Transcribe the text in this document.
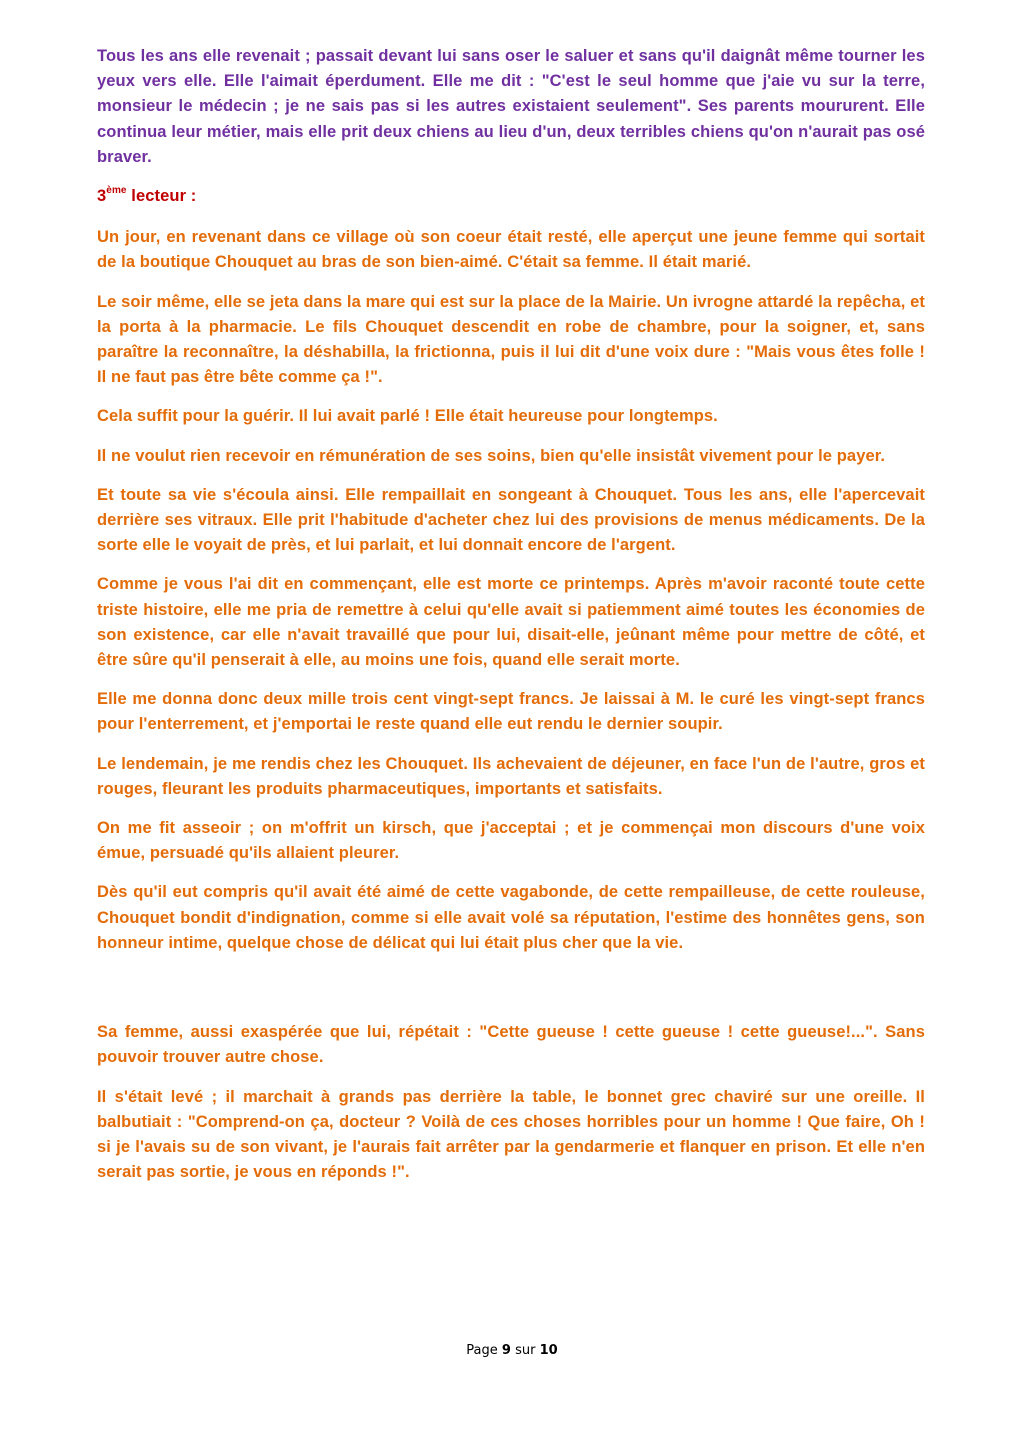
Tous les ans elle revenait ; passait devant lui sans oser le saluer et sans qu'il daignât même tourner les yeux vers elle. Elle l'aimait éperdument. Elle me dit : "C'est le seul homme que j'aie vu sur la terre, monsieur le médecin ; je ne sais pas si les autres existaient seulement". Ses parents moururent. Elle continua leur métier, mais elle prit deux chiens au lieu d'un, deux terribles chiens qu'on n'aurait pas osé braver.

3ème lecteur :

Un jour, en revenant dans ce village où son coeur était resté, elle aperçut une jeune femme qui sortait de la boutique Chouquet au bras de son bien-aimé. C'était sa femme. Il était marié.

Le soir même, elle se jeta dans la mare qui est sur la place de la Mairie. Un ivrogne attardé la repêcha, et la porta à la pharmacie. Le fils Chouquet descendit en robe de chambre, pour la soigner, et, sans paraître la reconnaître, la déshabilla, la frictionna, puis il lui dit d'une voix dure : "Mais vous êtes folle ! Il ne faut pas être bête comme ça !".

Cela suffit pour la guérir. Il lui avait parlé ! Elle était heureuse pour longtemps.

Il ne voulut rien recevoir en rémunération de ses soins, bien qu'elle insistât vivement pour le payer.

Et toute sa vie s'écoula ainsi. Elle rempaillait en songeant à Chouquet. Tous les ans, elle l'apercevait derrière ses vitraux. Elle prit l'habitude d'acheter chez lui des provisions de menus médicaments. De la sorte elle le voyait de près, et lui parlait, et lui donnait encore de l'argent.

Comme je vous l'ai dit en commençant, elle est morte ce printemps. Après m'avoir raconté toute cette triste histoire, elle me pria de remettre à celui qu'elle avait si patiemment aimé toutes les économies de son existence, car elle n'avait travaillé que pour lui, disait-elle, jeûnant même pour mettre de côté, et être sûre qu'il penserait à elle, au moins une fois, quand elle serait morte.

Elle me donna donc deux mille trois cent vingt-sept francs. Je laissai à M. le curé les vingt-sept francs pour l'enterrement, et j'emportai le reste quand elle eut rendu le dernier soupir.

Le lendemain, je me rendis chez les Chouquet. Ils achevaient de déjeuner, en face l'un de l'autre, gros et rouges, fleurant les produits pharmaceutiques, importants et satisfaits.

On me fit asseoir ; on m'offrit un kirsch, que j'acceptai ; et je commençai mon discours d'une voix émue, persuadé qu'ils allaient pleurer.

Dès qu'il eut compris qu'il avait été aimé de cette vagabonde, de cette rempailleuse, de cette rouleuse, Chouquet bondit d'indignation, comme si elle avait volé sa réputation, l'estime des honnêtes gens, son honneur intime, quelque chose de délicat qui lui était plus cher que la vie.

Sa femme, aussi exaspérée que lui, répétait : "Cette gueuse ! cette gueuse ! cette gueuse!...". Sans pouvoir trouver autre chose.

Il s'était levé ; il marchait à grands pas derrière la table, le bonnet grec chaviré sur une oreille. Il balbutiait : "Comprend-on ça, docteur ? Voilà de ces choses horribles pour un homme ! Que faire, Oh ! si je l'avais su de son vivant, je l'aurais fait arrêter par la gendarmerie et flanquer en prison. Et elle n'en serait pas sortie, je vous en réponds !".

Page 9 sur 10
